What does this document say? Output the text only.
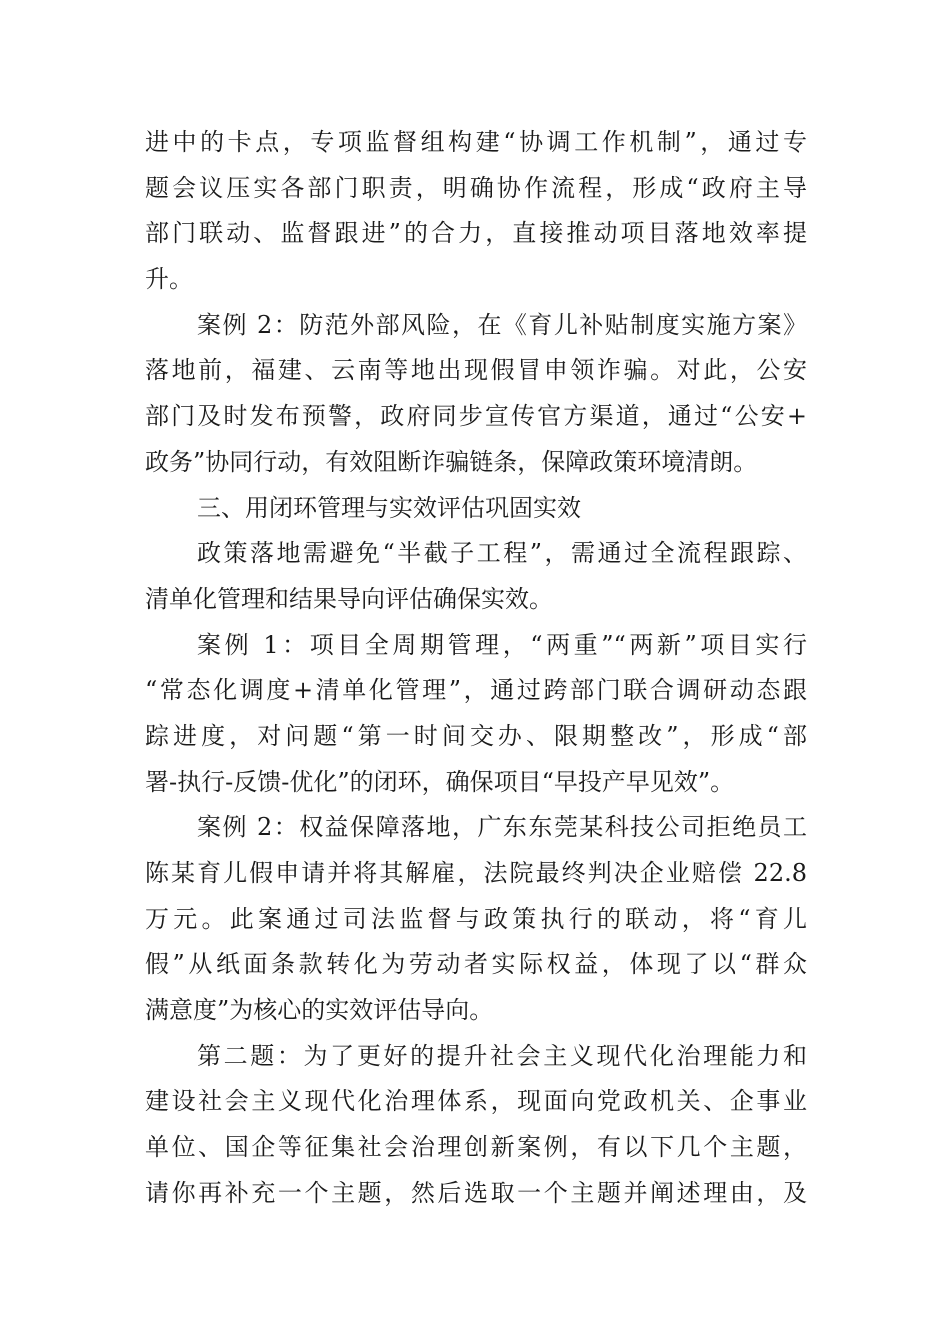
进中的卡点，专项监督组构建“协调工作机制”，通过专
题会议压实各部门职责，明确协作流程，形成“政府主导
部门联动、监督跟进”的合力，直接推动项目落地效率提
升。
案例 2：防范外部风险，在《育儿补贴制度实施方案》
落地前，福建、云南等地出现假冒申领诈骗。对此，公安
部门及时发布预警，政府同步宣传官方渠道，通过“公安+
政务”协同行动，有效阻断诈骗链条，保障政策环境清朗。
三、用闭环管理与实效评估巩固实效
政策落地需避免“半截子工程”，需通过全流程跟踪、
清单化管理和结果导向评估确保实效。
案例 1：项目全周期管理，“两重”“两新”项目实行
“常态化调度+清单化管理”，通过跨部门联合调研动态跟
踪进度，对问题“第一时间交办、限期整改”，形成“部
署-执行-反馈-优化”的闭环，确保项目“早投产早见效”。
案例 2：权益保障落地，广东东莞某科技公司拒绝员工
陈某育儿假申请并将其解雇，法院最终判决企业赔偿 22.8
万元。此案通过司法监督与政策执行的联动，将“育儿
假”从纸面条款转化为劳动者实际权益，体现了以“群众
满意度”为核心的实效评估导向。
第二题：为了更好的提升社会主义现代化治理能力和
建设社会主义现代化治理体系，现面向党政机关、企事业
单位、国企等征集社会治理创新案例，有以下几个主题，
请你再补充一个主题，然后选取一个主题并阐述理由，及
